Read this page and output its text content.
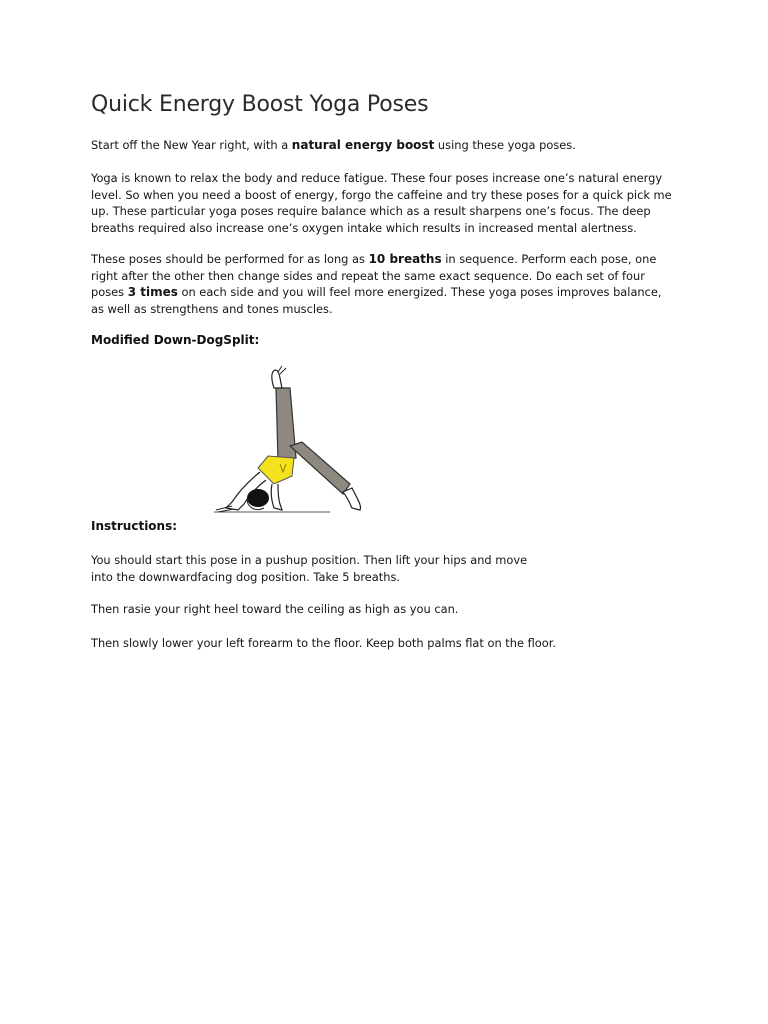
Quick Energy Boost Yoga Poses

Start off the New Year right, with a natural energy boost using these yoga poses.

Yoga is known to relax the body and reduce fatigue. These four poses increase one’s natural energy level. So when you need a boost of energy, forgo the caffeine and try these poses for a quick pick me up. These particular yoga poses require balance which as a result sharpens one’s focus. The deep breaths required also increase one’s oxygen intake which results in increased mental alertness.

These poses should be performed for as long as 10 breaths in sequence. Perform each pose, one right after the other then change sides and repeat the same exact sequence. Do each set of four poses 3 times on each side and you will feel more energized. These yoga poses improves balance, as well as strengthens and tones muscles.

Modified Down-DogSplit:
Instructions:

You should start this pose in a pushup position. Then lift your hips and move
into the downwardfacing dog position. Take 5 breaths.

Then rasie your right heel toward the ceiling as high as you can.

Then slowly lower your left forearm to the floor. Keep both palms flat on the floor.
